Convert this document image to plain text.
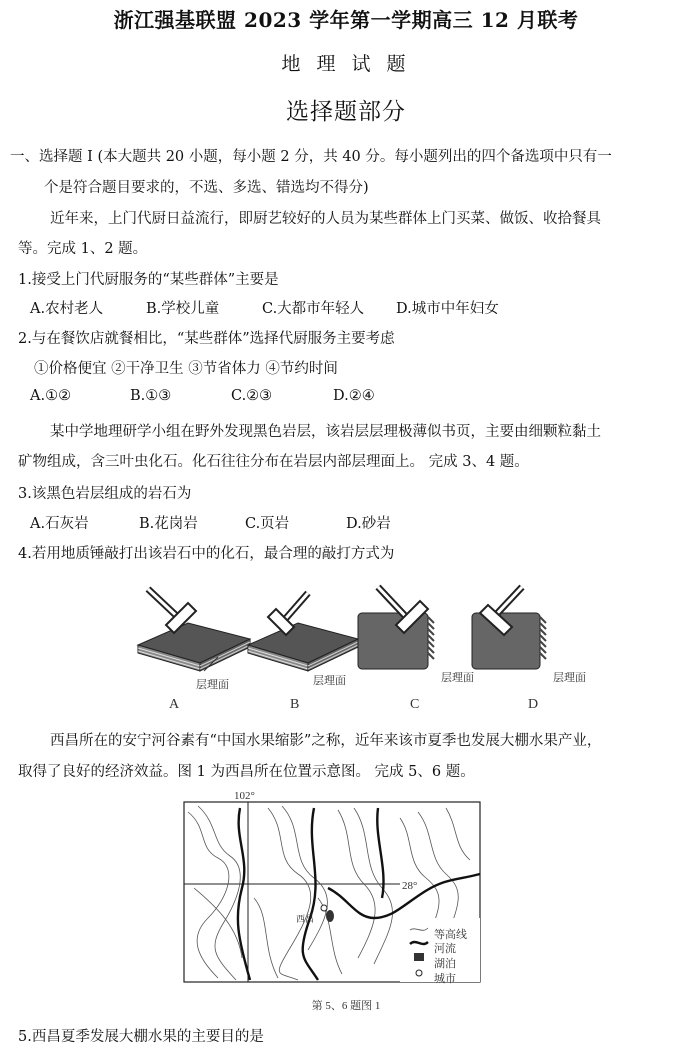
浙江强基联盟 2023 学年第一学期高三 12 月联考
地 理 试 题
选择题部分
一、选择题 I (本大题共 20 小题，每小题 2 分，共 40 分。每小题列出的四个备选项中只有一
个是符合题目要求的，不选、多选、错选均不得分)
近年来，上门代厨日益流行，即厨艺较好的人员为某些群体上门买菜、做饭、收拾餐具
等。完成 1、2 题。
1.接受上门代厨服务的“某些群体”主要是
A.农村老人	B.学校儿童	C.大都市年轻人 D.城市中年妇女
2.与在餐饮店就餐相比，“某些群体”选择代厨服务主要考虑
①价格便宜 ②干净卫生 ③节省体力 ④节约时间
A.①②	B.①③	C.②③	D.②④
某中学地理研学小组在野外发现黑色岩层，该岩层层理极薄似书页，主要由细颗粒黏土
矿物组成，含三叶虫化石。化石往往分布在岩层内部层理面上。 完成 3、4 题。
3.该黑色岩层组成的岩石为
A.石灰岩	B.花岗岩	C.页岩	D.砂岩
4.若用地质锤敲打出该岩石中的化石，最合理的敲打方式为
层理面	层理面	层理面	层理面
A	B	C	D
西昌所在的安宁河谷素有“中国水果缩影”之称，近年来该市夏季也发展大棚水果产业，
取得了良好的经济效益。图 1 为西昌所在位置示意图。 完成 5、6 题。
102°
28°
西昌
等高线
河流
湖泊
城市
第 5、6 题图 1
5.西昌夏季发展大棚水果的主要目的是
